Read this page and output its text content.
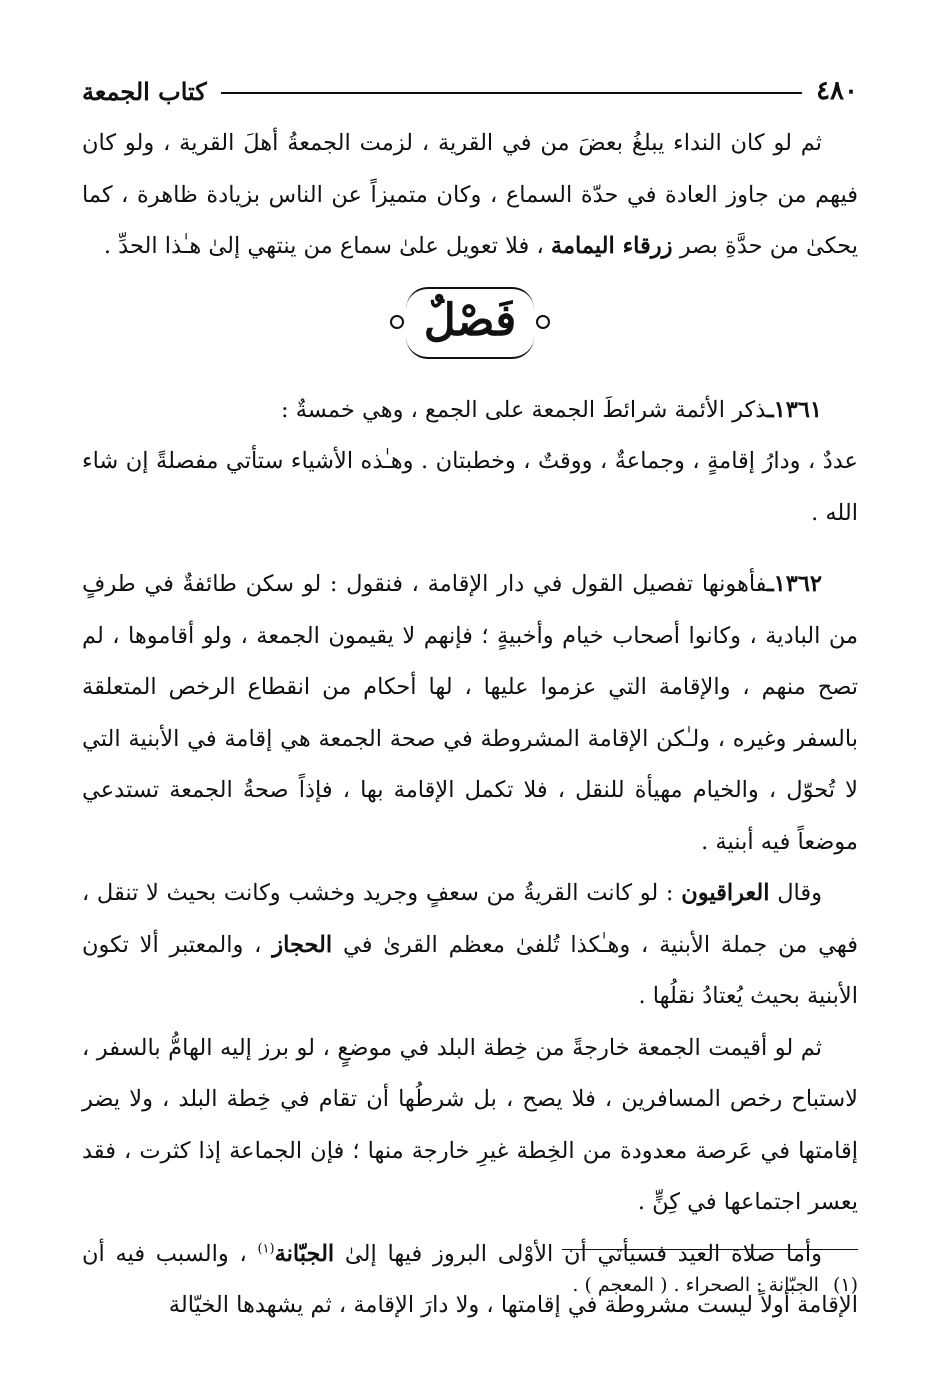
٤٨٠
كتاب الجمعة

ثم لو كان النداء يبلغُ بعضَ من في القرية ، لزمت الجمعةُ أهلَ القرية ، ولو كان فيهم من جاوز العادة في حدّة السماع ، وكان متميزاً عن الناس بزيادة ظاهرة ، كما يحكىٰ من حدَّةِ بصر زرقاء اليمامة ، فلا تعويل علىٰ سماع من ينتهي إلىٰ هـٰذا الحدِّ .

فَصْلٌ

١٣٦١ـذكر الأئمة شرائطَ الجمعة على الجمع ، وهي خمسةٌ :

عددٌ ، ودارُ إقامةٍ ، وجماعةٌ ، ووقتٌ ، وخطبتان . وهـٰذه الأشياء ستأتي مفصلةً إن شاء الله .

١٣٦٢ـفأهونها تفصيل القول في دار الإقامة ، فنقول : لو سكن طائفةٌ في طرفٍ من البادية ، وكانوا أصحاب خيام وأخبيةٍ ؛ فإنهم لا يقيمون الجمعة ، ولو أقاموها ، لم تصح منهم ، والإقامة التي عزموا عليها ، لها أحكام من انقطاع الرخص المتعلقة بالسفر وغيره ، ولـٰكن الإقامة المشروطة في صحة الجمعة هي إقامة في الأبنية التي لا تُحوّل ، والخيام مهيأة للنقل ، فلا تكمل الإقامة بها ، فإذاً صحةُ الجمعة تستدعي موضعاً فيه أبنية .

وقال العراقيون : لو كانت القريةُ من سعفٍ وجريد وخشب وكانت بحيث لا تنقل ، فهي من جملة الأبنية ، وهـٰكذا تُلفىٰ معظم القرىٰ في الحجاز ، والمعتبر ألا تكون الأبنية بحيث يُعتادُ نقلُها .

ثم لو أقيمت الجمعة خارجةً من خِطة البلد في موضعٍ ، لو برز إليه الهامُّ بالسفر ، لاستباح رخص المسافرين ، فلا يصح ، بل شرطُها أن تقام في خِطة البلد ، ولا يضر إقامتها في عَرصة معدودة من الخِطة غيرِ خارجة منها ؛ فإن الجماعة إذا كثرت ، فقد يعسر اجتماعها في كِنٍّ .

وأما صلاة العيد فسيأتي أن الأوْلى البروز فيها إلىٰ الجبّانة$^{(١)}$ ، والسبب فيه أن الإقامة أولاً ليست مشروطة في إقامتها ، ولا دارَ الإقامة ، ثم يشهدها الخيّالة

(١)الجبّانة : الصحراء . ( المعجم ) .
